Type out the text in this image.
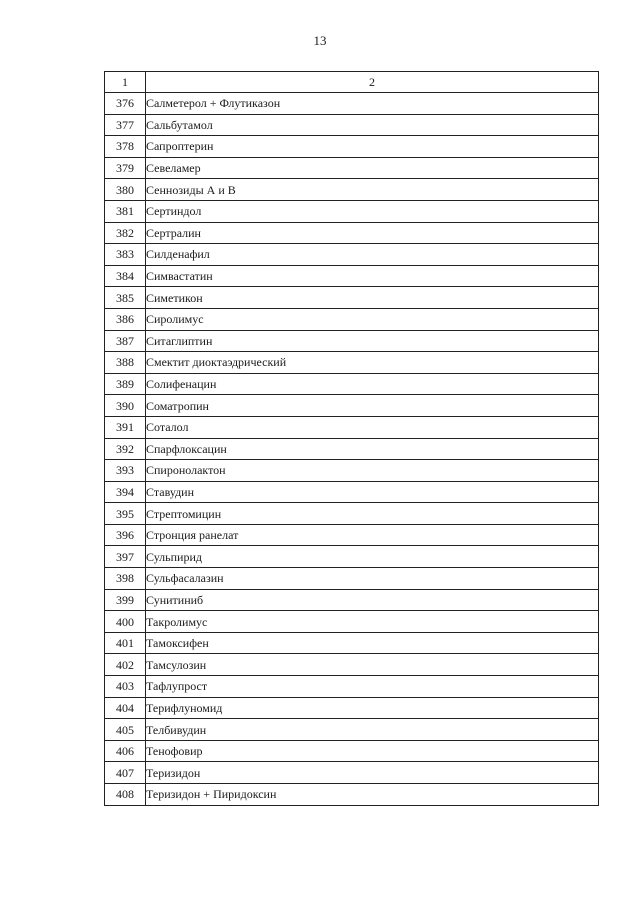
13
1	2
376	Салметерол + Флутиказон
377	Сальбутамол
378	Сапроптерин
379	Севеламер
380	Сеннозиды А и В
381	Сертиндол
382	Сертралин
383	Силденафил
384	Симвастатин
385	Симетикон
386	Сиролимус
387	Ситаглиптин
388	Смектит диоктаэдрический
389	Солифенацин
390	Соматропин
391	Соталол
392	Спарфлоксацин
393	Спиронолактон
394	Ставудин
395	Стрептомицин
396	Стронция ранелат
397	Сульпирид
398	Сульфасалазин
399	Сунитиниб
400	Такролимус
401	Тамоксифен
402	Тамсулозин
403	Тафлупрост
404	Терифлуномид
405	Телбивудин
406	Тенофовир
407	Теризидон
408	Теризидон + Пиридоксин
